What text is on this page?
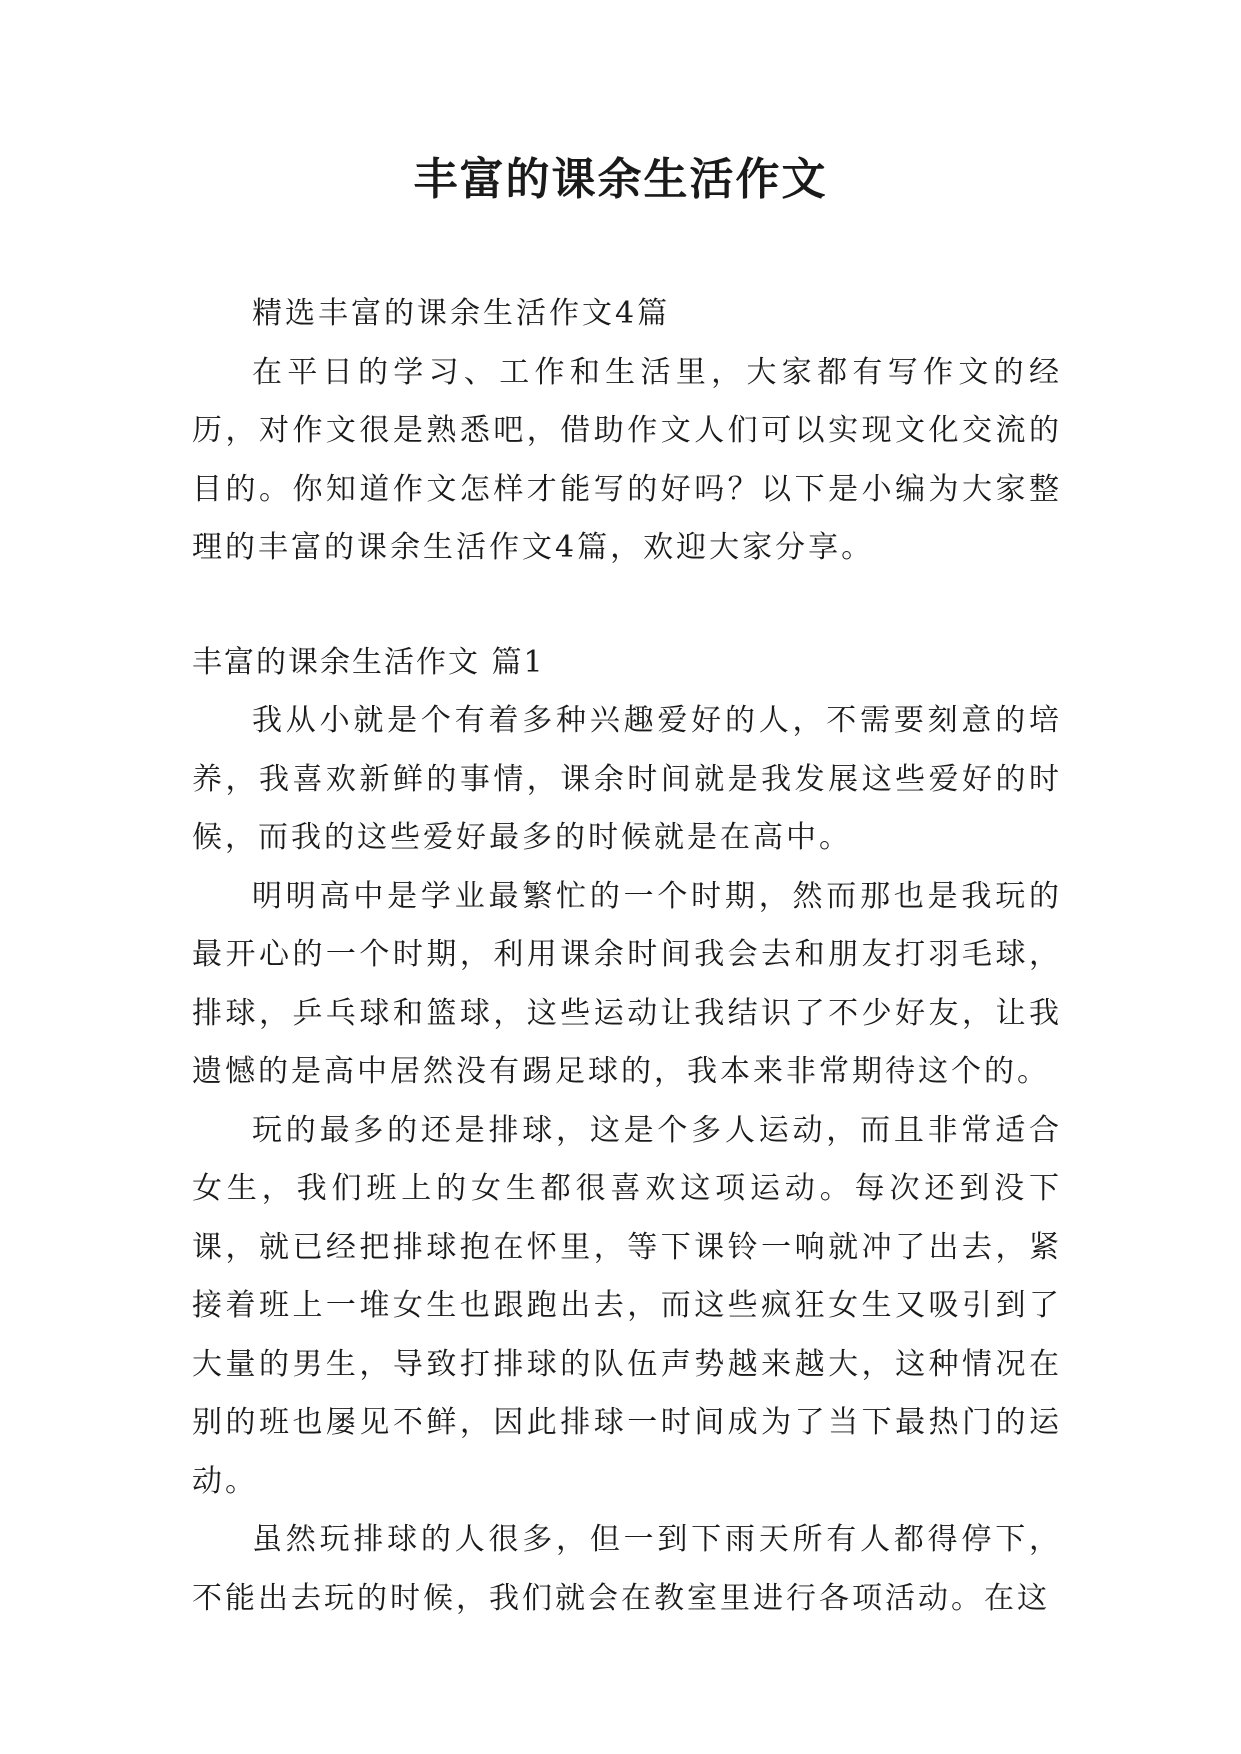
丰富的课余生活作文

精选丰富的课余生活作文4篇

在平日的学习、工作和生活里，大家都有写作文的经历，对作文很是熟悉吧，借助作文人们可以实现文化交流的目的。你知道作文怎样才能写的好吗？以下是小编为大家整理的丰富的课余生活作文4篇，欢迎大家分享。

丰富的课余生活作文 篇1

我从小就是个有着多种兴趣爱好的人，不需要刻意的培养，我喜欢新鲜的事情，课余时间就是我发展这些爱好的时候，而我的这些爱好最多的时候就是在高中。

明明高中是学业最繁忙的一个时期，然而那也是我玩的最开心的一个时期，利用课余时间我会去和朋友打羽毛球，排球，乒乓球和篮球，这些运动让我结识了不少好友，让我遗憾的是高中居然没有踢足球的，我本来非常期待这个的。

玩的最多的还是排球，这是个多人运动，而且非常适合女生，我们班上的女生都很喜欢这项运动。每次还到没下课，就已经把排球抱在怀里，等下课铃一响就冲了出去，紧接着班上一堆女生也跟跑出去，而这些疯狂女生又吸引到了大量的男生，导致打排球的队伍声势越来越大，这种情况在别的班也屡见不鲜，因此排球一时间成为了当下最热门的运动。

虽然玩排球的人很多，但一到下雨天所有人都得停下，不能出去玩的时候，我们就会在教室里进行各项活动。在这
